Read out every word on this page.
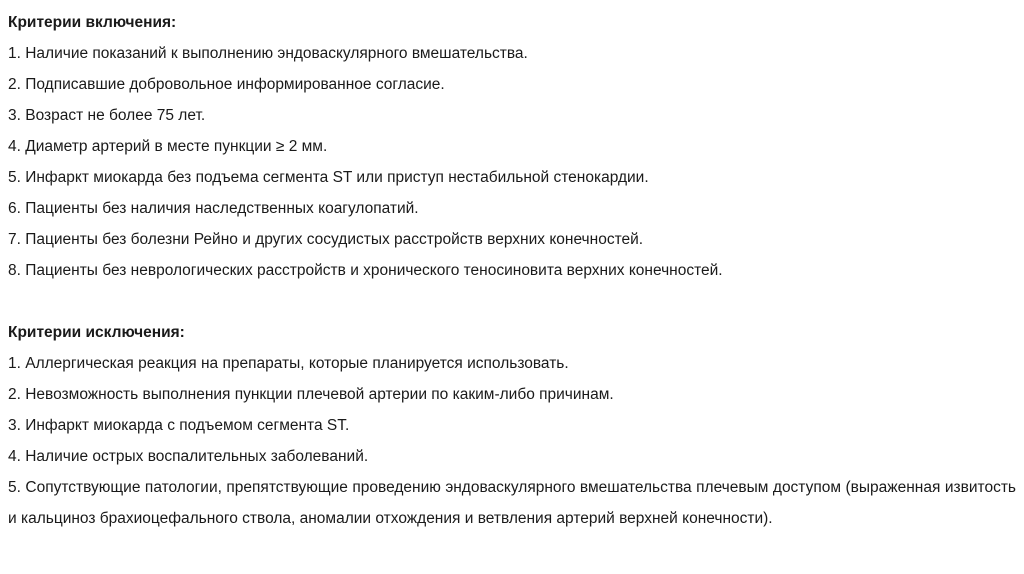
Критерии включения:

1. Наличие показаний к выполнению эндоваскулярного вмешательства.

2. Подписавшие добровольное информированное согласие.

3. Возраст не более 75 лет.

4. Диаметр артерий в месте пункции ≥ 2 мм.

5. Инфаркт миокарда без подъема сегмента ST или приступ нестабильной стенокардии.

6. Пациенты без наличия наследственных коагулопатий.

7. Пациенты без болезни Рейно и других сосудистых расстройств верхних конечностей.

8. Пациенты без неврологических расстройств и хронического теносиновита верхних конечностей.

Критерии исключения:

1. Аллергическая реакция на препараты, которые планируется использовать.

2. Невозможность выполнения пункции плечевой артерии по каким-либо причинам.

3. Инфаркт миокарда с подъемом сегмента ST.

4. Наличие острых воспалительных заболеваний.

5. Сопутствующие патологии, препятствующие проведению эндоваскулярного вмешательства плечевым доступом (выраженная извитость и кальциноз брахиоцефального ствола, аномалии отхождения и ветвления артерий верхней конечности).
